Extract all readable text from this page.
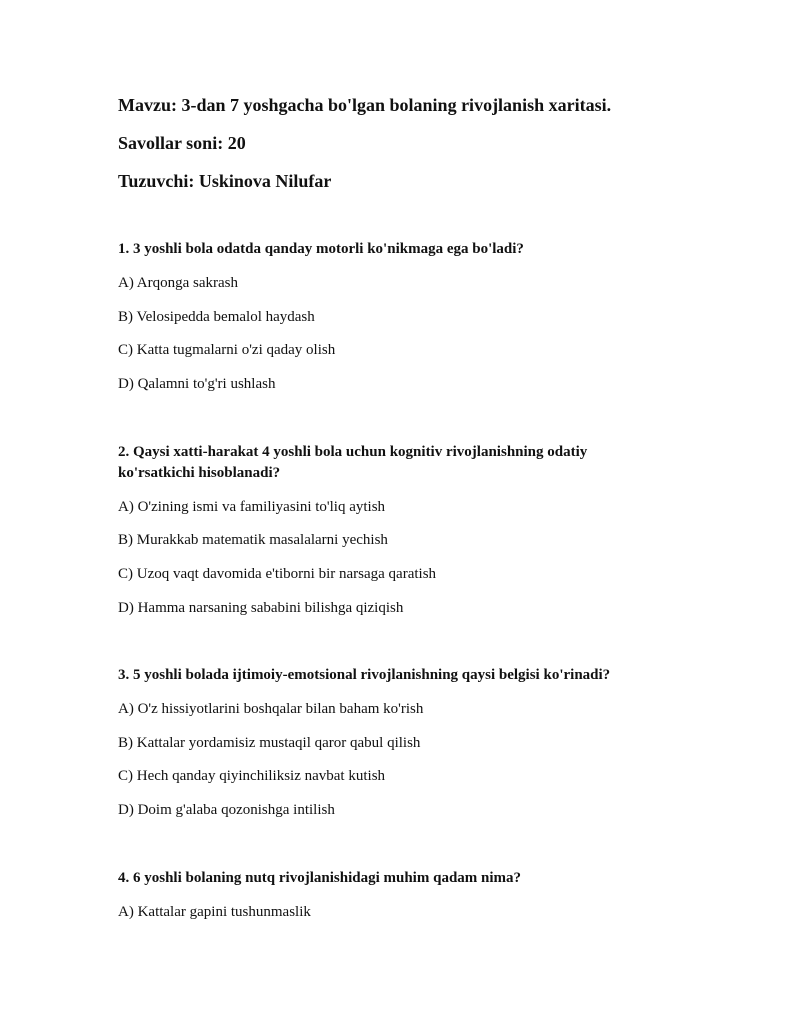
Mavzu: 3-dan 7 yoshgacha bo'lgan bolaning rivojlanish xaritasi.
Savollar soni: 20
Tuzuvchi: Uskinova Nilufar
1. 3 yoshli bola odatda qanday motorli ko'nikmaga ega bo'ladi?
A) Arqonga sakrash
B) Velosipedda bemalol haydash
C) Katta tugmalarni o'zi qaday olish
D) Qalamni to'g'ri ushlash
2. Qaysi xatti-harakat 4 yoshli bola uchun kognitiv rivojlanishning odatiy
ko'rsatkichi hisoblanadi?
A) O'zining ismi va familiyasini to'liq aytish
B) Murakkab matematik masalalarni yechish
C) Uzoq vaqt davomida e'tiborni bir narsaga qaratish
D) Hamma narsaning sababini bilishga qiziqish
3. 5 yoshli bolada ijtimoiy-emotsional rivojlanishning qaysi belgisi ko'rinadi?
A) O'z hissiyotlarini boshqalar bilan baham ko'rish
B) Kattalar yordamisiz mustaqil qaror qabul qilish
C) Hech qanday qiyinchiliksiz navbat kutish
D) Doim g'alaba qozonishga intilish
4. 6 yoshli bolaning nutq rivojlanishidagi muhim qadam nima?
A) Kattalar gapini tushunmaslik
